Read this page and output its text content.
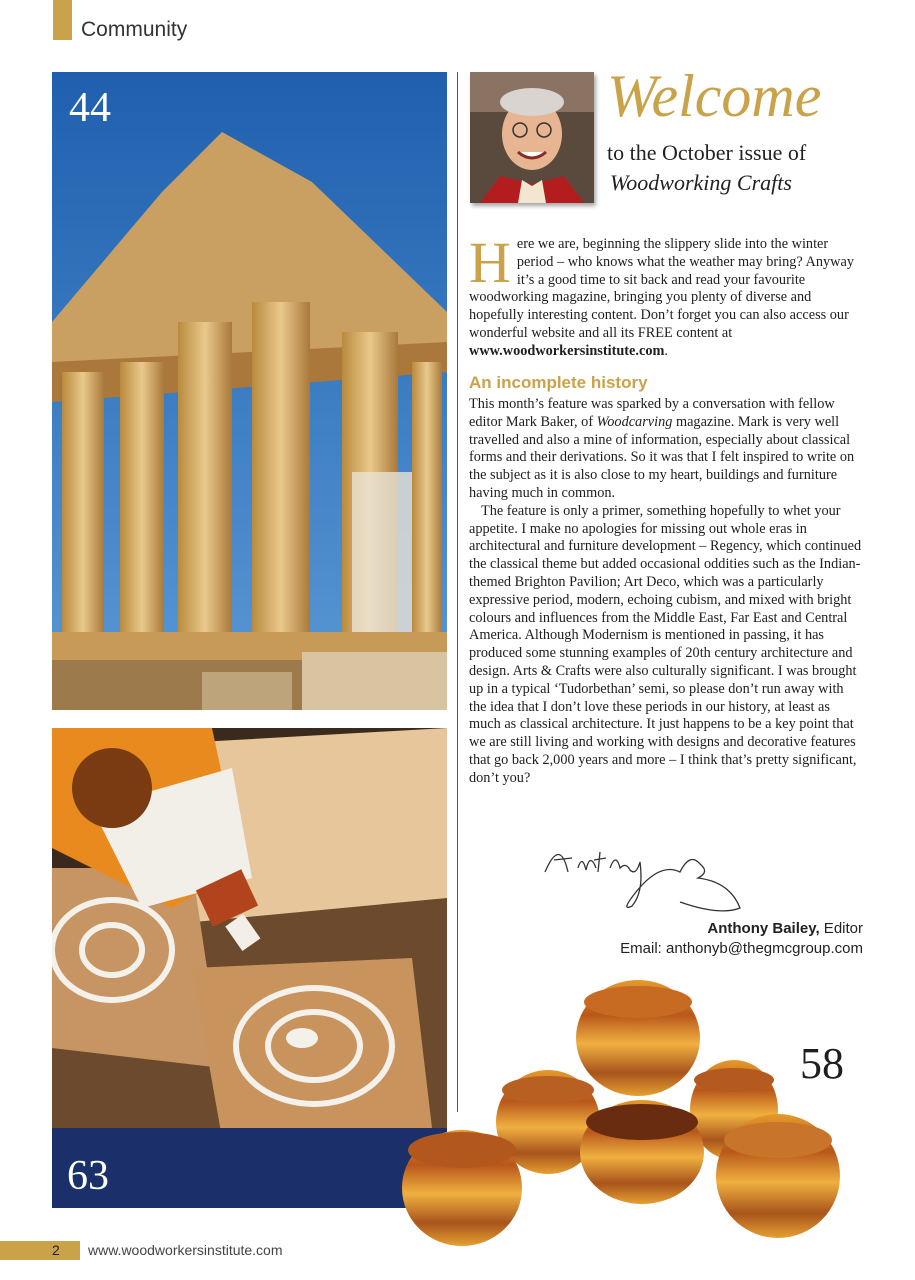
Community
44
63
Welcome
to the October issue of
Woodworking Crafts

Here we are, beginning the slippery slide into the winter period – who knows what the weather may bring? Anyway it’s a good time to sit back and read your favourite woodworking magazine, bringing you plenty of diverse and hopefully interesting content. Don’t forget you can also access our wonderful website and all its FREE content at www.woodworkersinstitute.com.

An incomplete history

This month’s feature was sparked by a conversation with fellow editor Mark Baker, of Woodcarving magazine. Mark is very well travelled and also a mine of information, especially about classical forms and their derivations. So it was that I felt inspired to write on the subject as it is also close to my heart, buildings and furniture having much in common.

The feature is only a primer, something hopefully to whet your appetite. I make no apologies for missing out whole eras in architectural and furniture development – Regency, which continued the classical theme but added occasional oddities such as the Indian-themed Brighton Pavilion; Art Deco, which was a particularly expressive period, modern, echoing cubism, and mixed with bright colours and influences from the Middle East, Far East and Central America. Although Modernism is mentioned in passing, it has produced some stunning examples of 20th century architecture and design. Arts & Crafts were also culturally significant. I was brought up in a typical ‘Tudorbethan’ semi, so please don’t run away with the idea that I don’t love these periods in our history, at least as much as classical architecture. It just happens to be a key point that we are still living and working with designs and decorative features that go back 2,000 years and more – I think that’s pretty significant, don’t you?

Anthony Bailey, Editor
Email: anthonyb@thegmcgroup.com
58
2 www.woodworkersinstitute.com
